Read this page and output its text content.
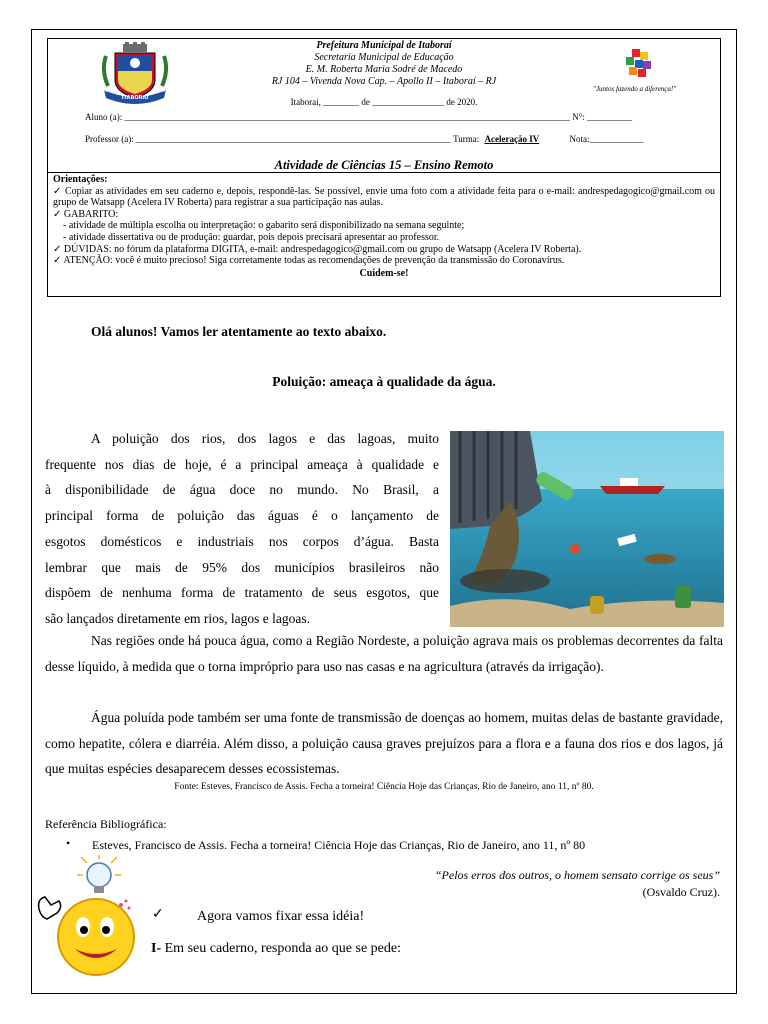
ITABORAÍ
1833	1833	"Juntos fazendo a diferença!"
Prefeitura Municipal de Itaboraí
Secretaria Municipal de Educação
E. M. Roberta Maria Sodré de Macedo
RJ 104 – Vivenda Nova Cap. – Apollo II – Itaboraí – RJ
Itaboraí, ________ de ________________ de 2020.
Aluno (a): ___________________________________________________________________________________________________ N°: __________
Professor (a): ______________________________________________________________________ Turma: Aceleração IV	Nota:____________
Atividade de Ciências 15 – Ensino Remoto
Orientações:
✓ Copiar as atividades em seu caderno e, depois, respondê-las. Se possível, envie uma foto com a atividade feita para o e-mail: andrespedagogico@gmail.com ou grupo de Watsapp (Acelera IV Roberta) para registrar a sua participação nas aulas.
✓ GABARITO:
- atividade de múltipla escolha ou interpretação: o gabarito será disponibilizado na semana seguinte;
- atividade dissertativa ou de produção: guardar, pois depois precisará apresentar ao professor.
✓ DÚVIDAS: no fórum da plataforma DIGITA, e-mail: andrespedagogico@gmail.com ou grupo de Watsapp (Acelera IV Roberta).
✓ ATENÇÃO: você é muito precioso! Siga corretamente todas as recomendações de prevenção da transmissão do Coronavírus.
Cuidem-se!
Olá alunos! Vamos ler atentamente ao texto abaixo.
Poluição: ameaça à qualidade da água.
A poluição dos rios, dos lagos e das lagoas, muito
frequente nos dias de hoje, é a principal ameaça à qualidade e
à disponibilidade de água doce no mundo. No Brasil, a
principal forma de poluição das águas é o lançamento de
esgotos domésticos e industriais nos corpos d’água. Basta
lembrar que mais de 95% dos municípios brasileiros não
dispõem de nenhuma forma de tratamento de seus esgotos, que
são lançados diretamente em rios, lagos e lagoas.
Nas regiões onde há pouca água, como a Região Nordeste, a poluição agrava mais os problemas decorrentes da falta desse líquido, à medida que o torna impróprio para uso nas casas e na agricultura (através da irrigação).
Água poluída pode também ser uma fonte de transmissão de doenças ao homem, muitas delas de bastante gravidade, como hepatite, cólera e diarréia. Além disso, a poluição causa graves prejuízos para a flora e a fauna dos rios e dos lagos, já que muitas espécies desaparecem desses ecossistemas.
Fonte: Esteves, Francisco de Assis. Fecha a torneira! Ciência Hoje das Crianças, Rio de Janeiro, ano 11, nº 80.
Referência Bibliográfica:
• Esteves, Francisco de Assis. Fecha a torneira! Ciência Hoje das Crianças, Rio de Janeiro, ano 11, nº 80
“Pelos erros dos outros, o homem sensato corrige os seus”
(Osvaldo Cruz).
✓ Agora vamos fixar essa idéia!
I- Em seu caderno, responda ao que se pede:
